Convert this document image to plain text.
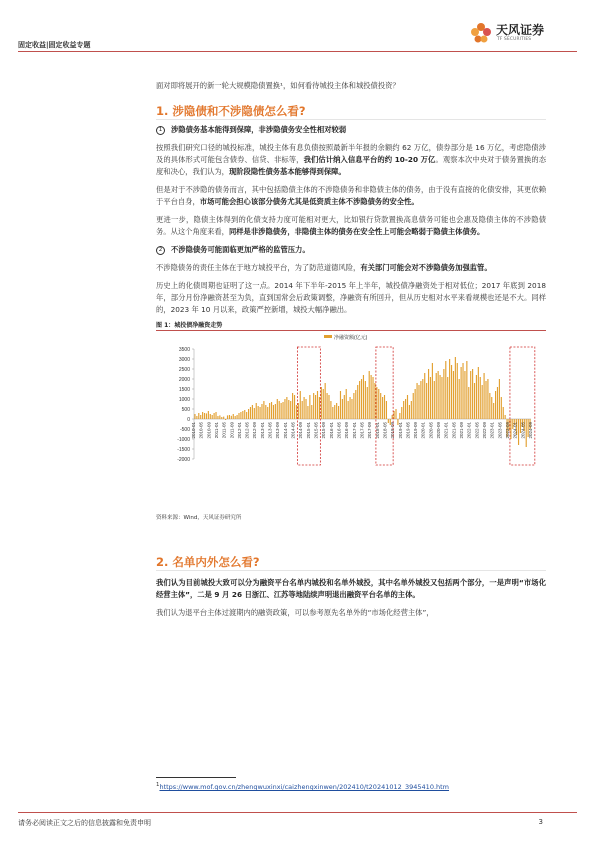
固定收益|固定收益专题
天风证券
TF SECURITIES

面对即将展开的新一轮大规模隐债置换¹，如何看待城投主体和城投债投资？

1. 涉隐债和不涉隐债怎么看?
1	涉隐债务基本能得到保障，非涉隐债务安全性相对较弱

按照我们研究口径的城投标准，城投主体有息负债按照最新半年报的余额约 62 万亿，债券部分是 16 万亿，考虑隐债涉及的具体形式可能包含债券、信贷、非标等，我们估计纳入信息平台的约 10-20 万亿。观察本次中央对于债务置换的态度和决心，我们认为，现阶段隐性债务基本能够得到保障。

但是对于不涉隐的债务而言，其中包括隐债主体的不涉隐债务和非隐债主体的债务，由于没有直接的化债安排，其更依赖于平台自身，市场可能会担心该部分债务尤其是低资质主体不涉隐债务的安全性。

更进一步，隐债主体得到的化债支持力度可能相对更大，比如银行贷款置换高息债务可能也会惠及隐债主体的不涉隐债务。从这个角度来看，同样是非涉隐债务，非隐债主体的债务在安全性上可能会略弱于隐债主体债务。

2	不涉隐债务可能面临更加严格的监管压力。

不涉隐债务的责任主体在于地方城投平台，为了防范道德风险，有关部门可能会对不涉隐债务加强监管。

历史上的化债周期也证明了这一点。2014 年下半年-2015 年上半年，城投债净融资处于相对低位；2017 年底到 2018 年，部分月份净融资甚至为负，直到国常会后政策调整，净融资有所回升，但从历史相对水平来看规模也还是不大。同样的，2023 年 10 月以来，政策严控新增，城投大幅净融出。

图 1：城投债净融资走势
净融资额(亿元)
3500
3000
2500
2000
1500
1000
500
0
-500
-1000
-1500
-2000
2010-01 2010-05 2010-09 2011-01 2011-05 2011-09 2012-01 2012-05 2012-09 2013-01 2013-05 2013-09 2014-01 2014-05 2014-09 2015-01 2015-05 2015-09 2016-01 2016-05 2016-09 2017-01 2017-05 2017-09 2018-01 2018-05 2018-09 2019-01 2019-05 2019-09 2020-01 2020-05 2020-09 2021-01 2021-05 2021-09 2022-01 2022-05 2022-09 2023-01 2023-05 2023-09 2024-01 2024-05 2024-09
资料来源：Wind，天风证券研究所
2. 名单内外怎么看?

我们认为目前城投大致可以分为融资平台名单内城投和名单外城投，其中名单外城投又包括两个部分，一是声明“市场化经营主体”，二是 9 月 26 日浙江、江苏等地陆续声明退出融资平台名单的主体。

我们认为退平台主体过渡期内的融资政策，可以参考原先名单外的“市场化经营主体”，

$^1$https://www.mof.gov.cn/zhengwuxinxi/caizhengxinwen/202410/t20241012_3945410.htm
请务必阅读正文之后的信息披露和免责申明	3
